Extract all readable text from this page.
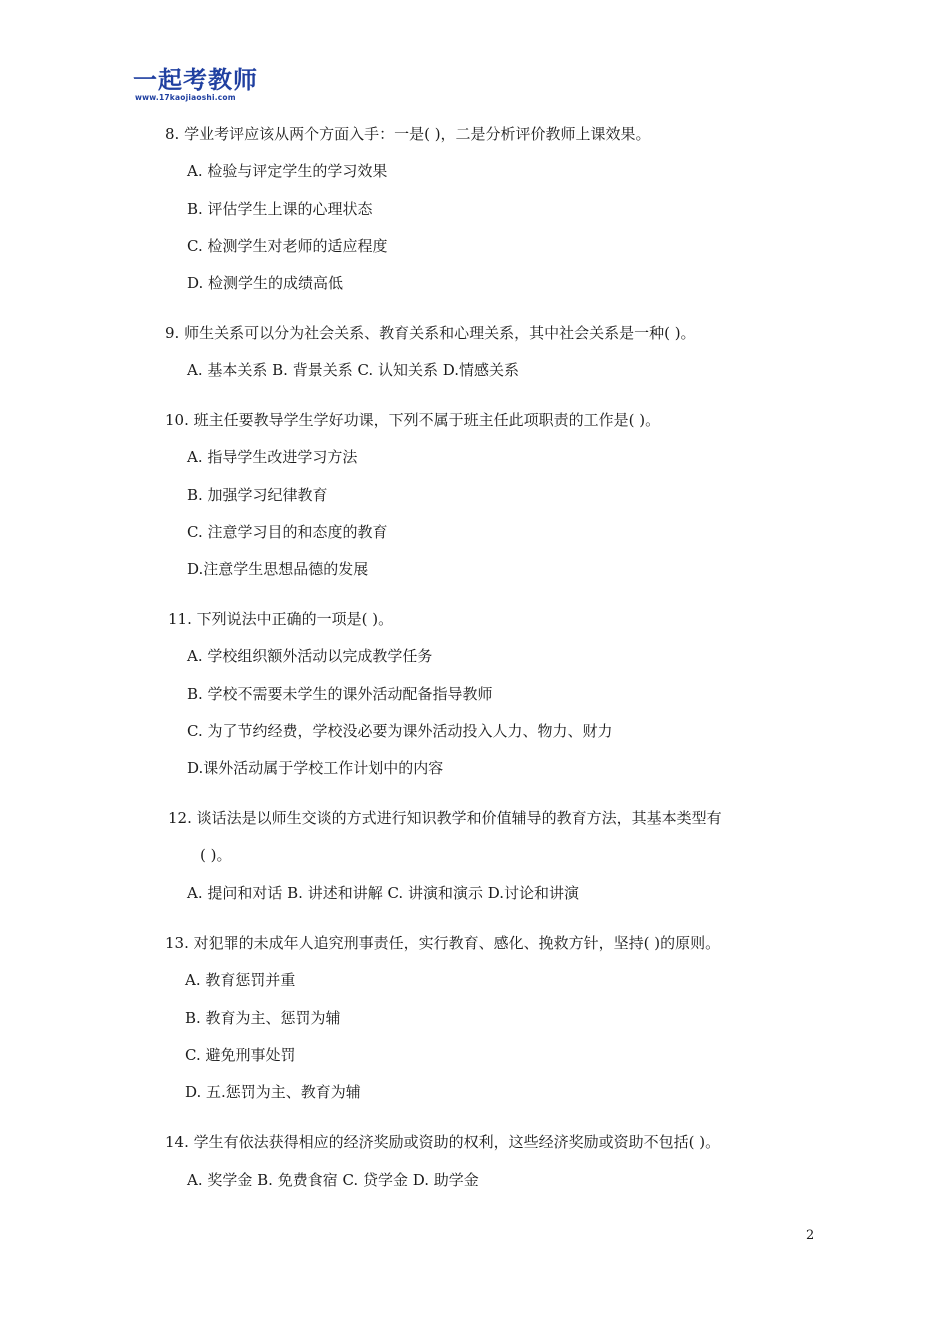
一起考教师
www.17kaojiaoshi.com
8. 学业考评应该从两个方面入手：一是( )，二是分析评价教师上课效果。
A. 检验与评定学生的学习效果
B. 评估学生上课的心理状态
C. 检测学生对老师的适应程度
D. 检测学生的成绩高低
9. 师生关系可以分为社会关系、教育关系和心理关系，其中社会关系是一种( )。
A. 基本关系 B. 背景关系 C. 认知关系 D.情感关系
10. 班主任要教导学生学好功课，下列不属于班主任此项职责的工作是( )。
A. 指导学生改进学习方法
B. 加强学习纪律教育
C. 注意学习目的和态度的教育
D.注意学生思想品德的发展
11. 下列说法中正确的一项是( )。
A. 学校组织额外活动以完成教学任务
B. 学校不需要未学生的课外活动配备指导教师
C. 为了节约经费，学校没必要为课外活动投入人力、物力、财力
D.课外活动属于学校工作计划中的内容
12. 谈话法是以师生交谈的方式进行知识教学和价值辅导的教育方法，其基本类型有
( )。
A. 提问和对话 B. 讲述和讲解 C. 讲演和演示 D.讨论和讲演
13. 对犯罪的未成年人追究刑事责任，实行教育、感化、挽救方针，坚持( )的原则。
A. 教育惩罚并重
B. 教育为主、惩罚为辅
C. 避免刑事处罚
D. 五.惩罚为主、教育为辅
14. 学生有依法获得相应的经济奖励或资助的权利，这些经济奖励或资助不包括( )。
A. 奖学金 B. 免费食宿 C. 贷学金 D. 助学金
2
